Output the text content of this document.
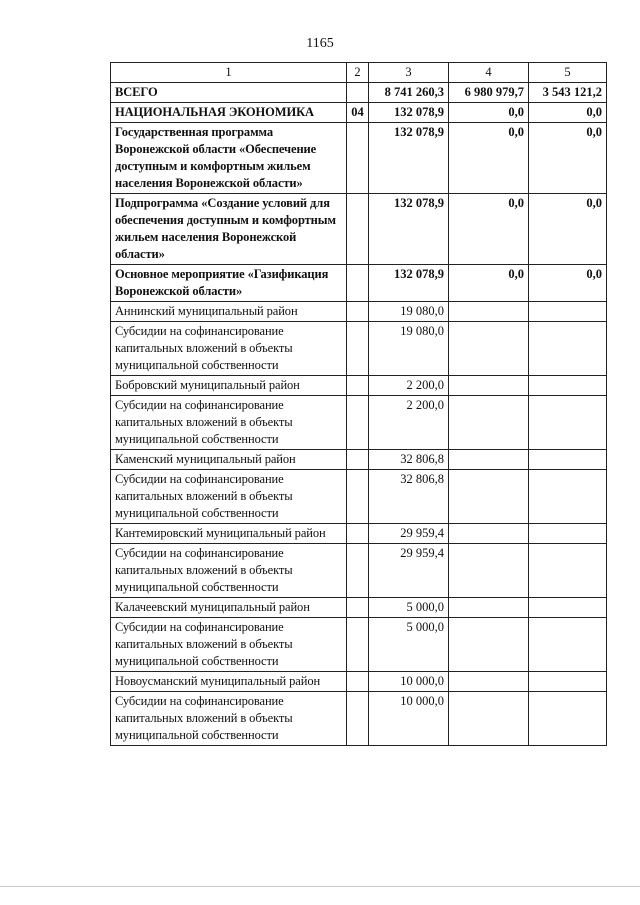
1165
1	2	3	4	5
ВСЕГО		8 741 260,3	6 980 979,7	3 543 121,2
НАЦИОНАЛЬНАЯ ЭКОНОМИКА	04	132 078,9	0,0	0,0
Государственная программа Воронежской области «Обеспечение доступным и комфортным жильем населения Воронежской области»		132 078,9	0,0	0,0
Подпрограмма «Создание условий для обеспечения доступным и комфортным жильем населения Воронежской области»		132 078,9	0,0	0,0
Основное мероприятие «Газификация Воронежской области»		132 078,9	0,0	0,0
Аннинский муниципальный район		19 080,0		
Субсидии на софинансирование капитальных вложений в объекты муниципальной собственности		19 080,0		
Бобровский муниципальный район		2 200,0		
Субсидии на софинансирование капитальных вложений в объекты муниципальной собственности		2 200,0		
Каменский муниципальный район		32 806,8		
Субсидии на софинансирование капитальных вложений в объекты муниципальной собственности		32 806,8		
Кантемировский муниципальный район		29 959,4		
Субсидии на софинансирование капитальных вложений в объекты муниципальной собственности		29 959,4		
Калачеевский муниципальный район		5 000,0		
Субсидии на софинансирование капитальных вложений в объекты муниципальной собственности		5 000,0		
Новоусманский муниципальный район		10 000,0		
Субсидии на софинансирование капитальных вложений в объекты муниципальной собственности		10 000,0		
